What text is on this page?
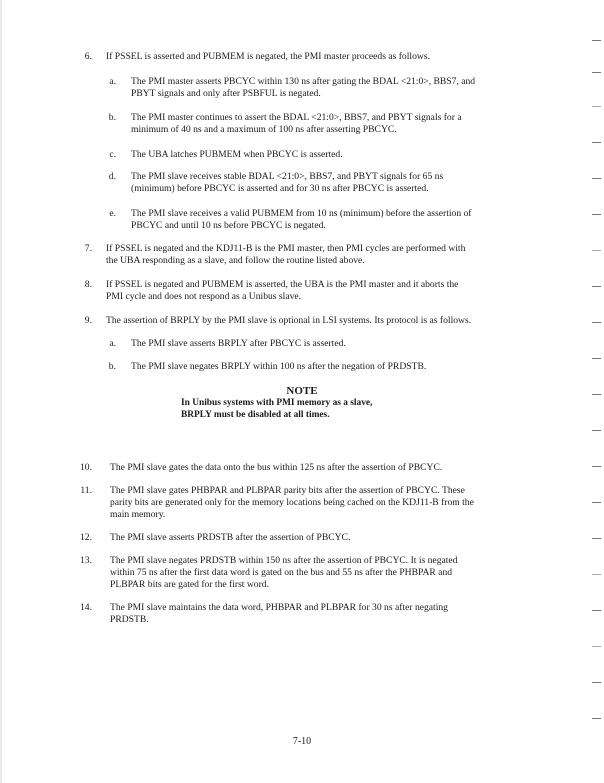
6. If PSSEL is asserted and PUBMEM is negated, the PMI master proceeds as follows.
a. The PMI master asserts PBCYC within 130 ns after gating the BDAL <21:0>, BBS7, and
PBYT signals and only after PSBFUL is negated.
b. The PMI master continues to assert the BDAL <21:0>, BBS7, and PBYT signals for a
minimum of 40 ns and a maximum of 100 ns after asserting PBCYC.
c. The UBA latches PUBMEM when PBCYC is asserted.
d. The PMI slave receives stable BDAL <21:0>, BBS7, and PBYT signals for 65 ns
(minimum) before PBCYC is asserted and for 30 ns after PBCYC is asserted.
e. The PMI slave receives a valid PUBMEM from 10 ns (minimum) before the assertion of
PBCYC and until 10 ns before PBCYC is negated.
7. If PSSEL is negated and the KDJ11-B is the PMI master, then PMI cycles are performed with
the UBA responding as a slave, and follow the routine listed above.
8. If PSSEL is negated and PUBMEM is asserted, the UBA is the PMI master and it aborts the
PMI cycle and does not respond as a Unibus slave.
9. The assertion of BRPLY by the PMI slave is optional in LSI systems. Its protocol is as follows.
a. The PMI slave asserts BRPLY after PBCYC is asserted.
b. The PMI slave negates BRPLY within 100 ns after the negation of PRDSTB.
NOTE
In Unibus systems with PMI memory as a slave,
BRPLY must be disabled at all times.
10. The PMI slave gates the data onto the bus within 125 ns after the assertion of PBCYC.
11. The PMI slave gates PHBPAR and PLBPAR parity bits after the assertion of PBCYC. These
parity bits are generated only for the memory locations being cached on the KDJ11-B from the
main memory.
12. The PMI slave asserts PRDSTB after the assertion of PBCYC.
13. The PMI slave negates PRDSTB within 150 ns after the assertion of PBCYC. It is negated
within 75 ns after the first data word is gated on the bus and 55 ns after the PHBPAR and
PLBPAR bits are gated for the first word.
14. The PMI slave maintains the data word, PHBPAR and PLBPAR for 30 ns after negating
PRDSTB.
7-10
